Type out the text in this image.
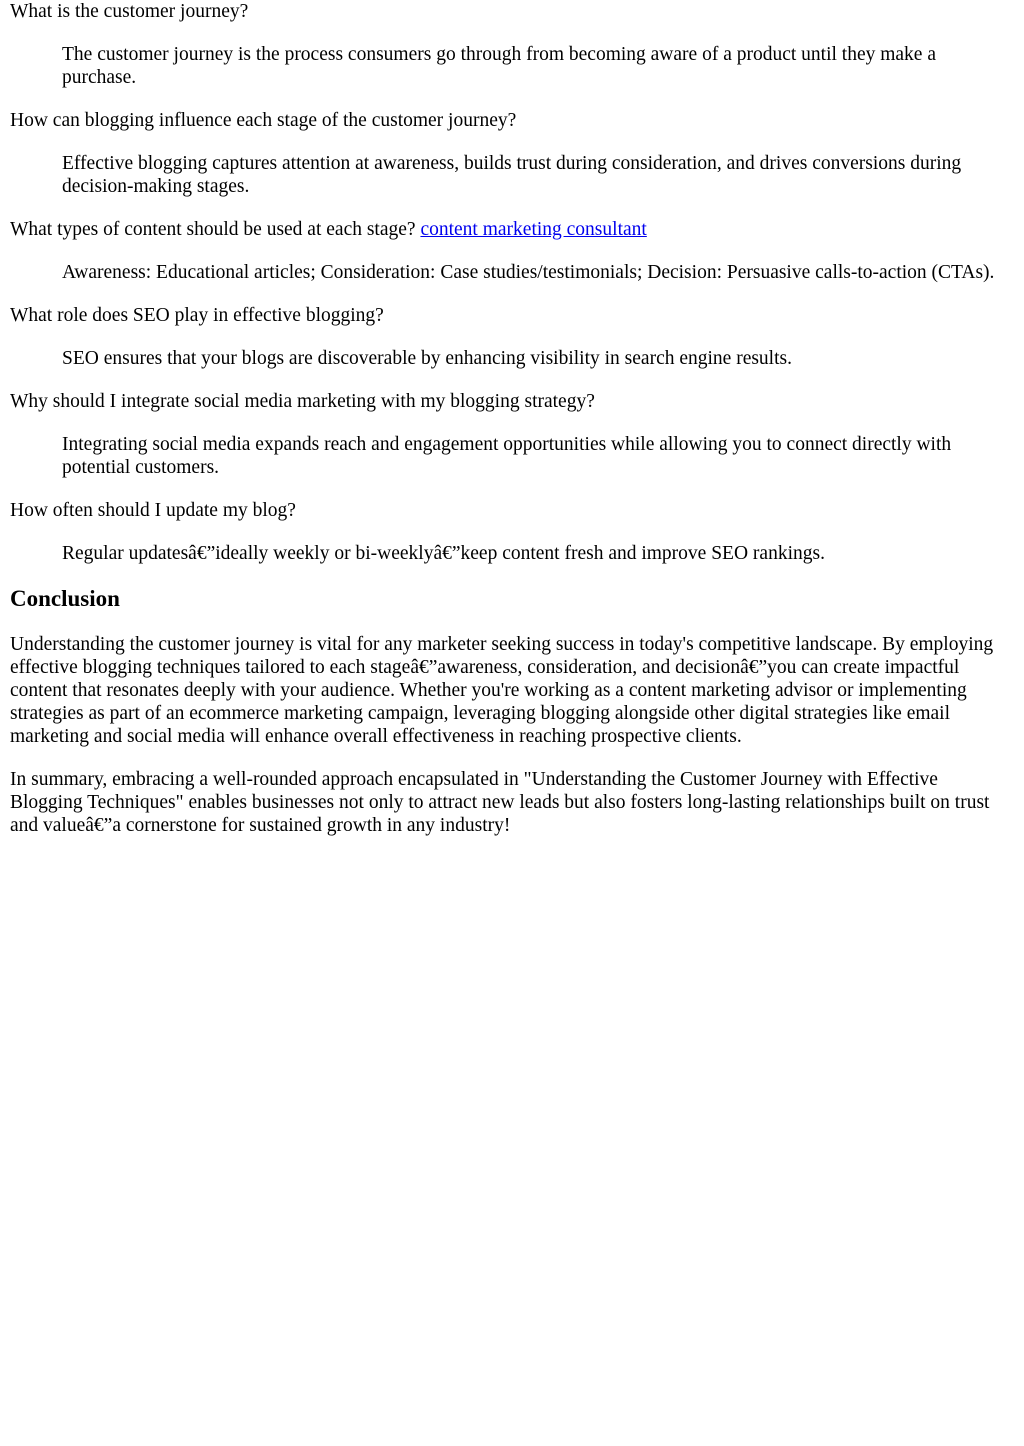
What is the customer journey?
The customer journey is the process consumers go through from becoming aware of a product until they make a purchase.
How can blogging influence each stage of the customer journey?
Effective blogging captures attention at awareness, builds trust during consideration, and drives conversions during decision-making stages.
What types of content should be used at each stage? content marketing consultant
Awareness: Educational articles; Consideration: Case studies/testimonials; Decision: Persuasive calls-to-action (CTAs).
What role does SEO play in effective blogging?
SEO ensures that your blogs are discoverable by enhancing visibility in search engine results.
Why should I integrate social media marketing with my blogging strategy?
Integrating social media expands reach and engagement opportunities while allowing you to connect directly with potential customers.
How often should I update my blog?
Regular updatesâ€”ideally weekly or bi-weeklyâ€”keep content fresh and improve SEO rankings.
Conclusion

Understanding the customer journey is vital for any marketer seeking success in today's competitive landscape. By employing effective blogging techniques tailored to each stageâ€”awareness, consideration, and decisionâ€”you can create impactful content that resonates deeply with your audience. Whether you're working as a content marketing advisor or implementing strategies as part of an ecommerce marketing campaign, leveraging blogging alongside other digital strategies like email marketing and social media will enhance overall effectiveness in reaching prospective clients.

In summary, embracing a well-rounded approach encapsulated in "Understanding the Customer Journey with Effective Blogging Techniques" enables businesses not only to attract new leads but also fosters long-lasting relationships built on trust and valueâ€”a cornerstone for sustained growth in any industry!
